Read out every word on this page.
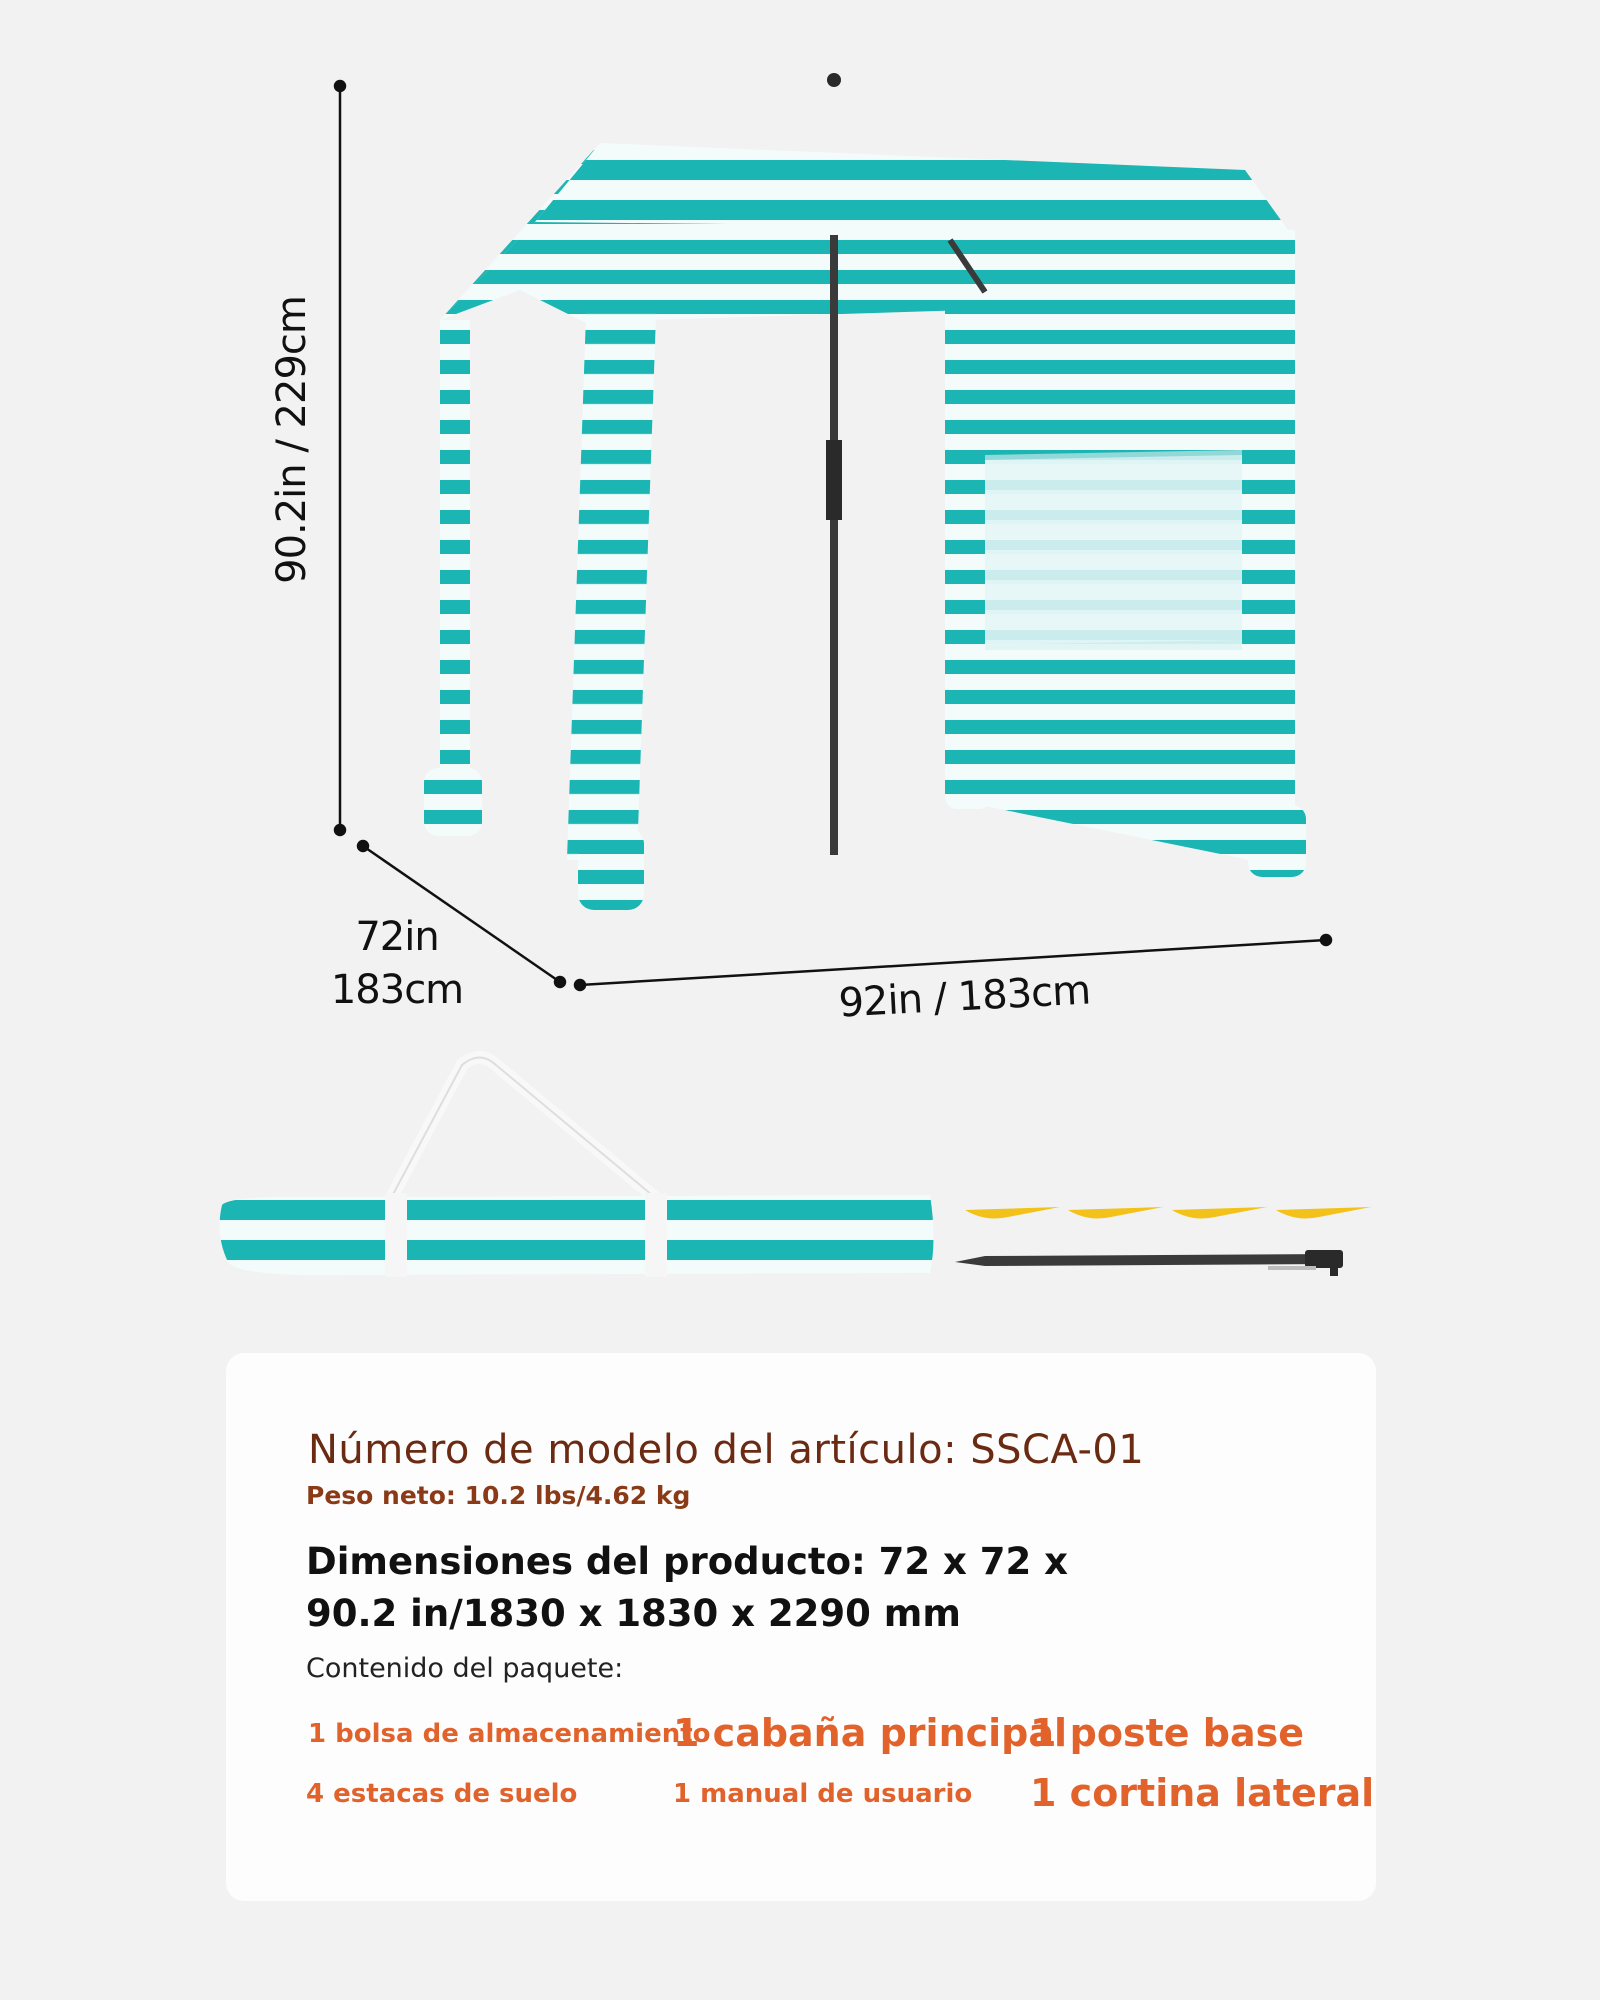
90.2in / 229cm
72in
183cm	92in / 183cm
Número de modelo del artículo: SSCA-01
Peso neto: 10.2 lbs/4.62 kg
Dimensiones del producto: 72 x 72 x
90.2 in/1830 x 1830 x 2290 mm
Contenido del paquete:
1 bolsa de almacenamiento
1 cabaña principal
1 poste base
4 estacas de suelo	1 manual de usuario 1 cortina lateral
